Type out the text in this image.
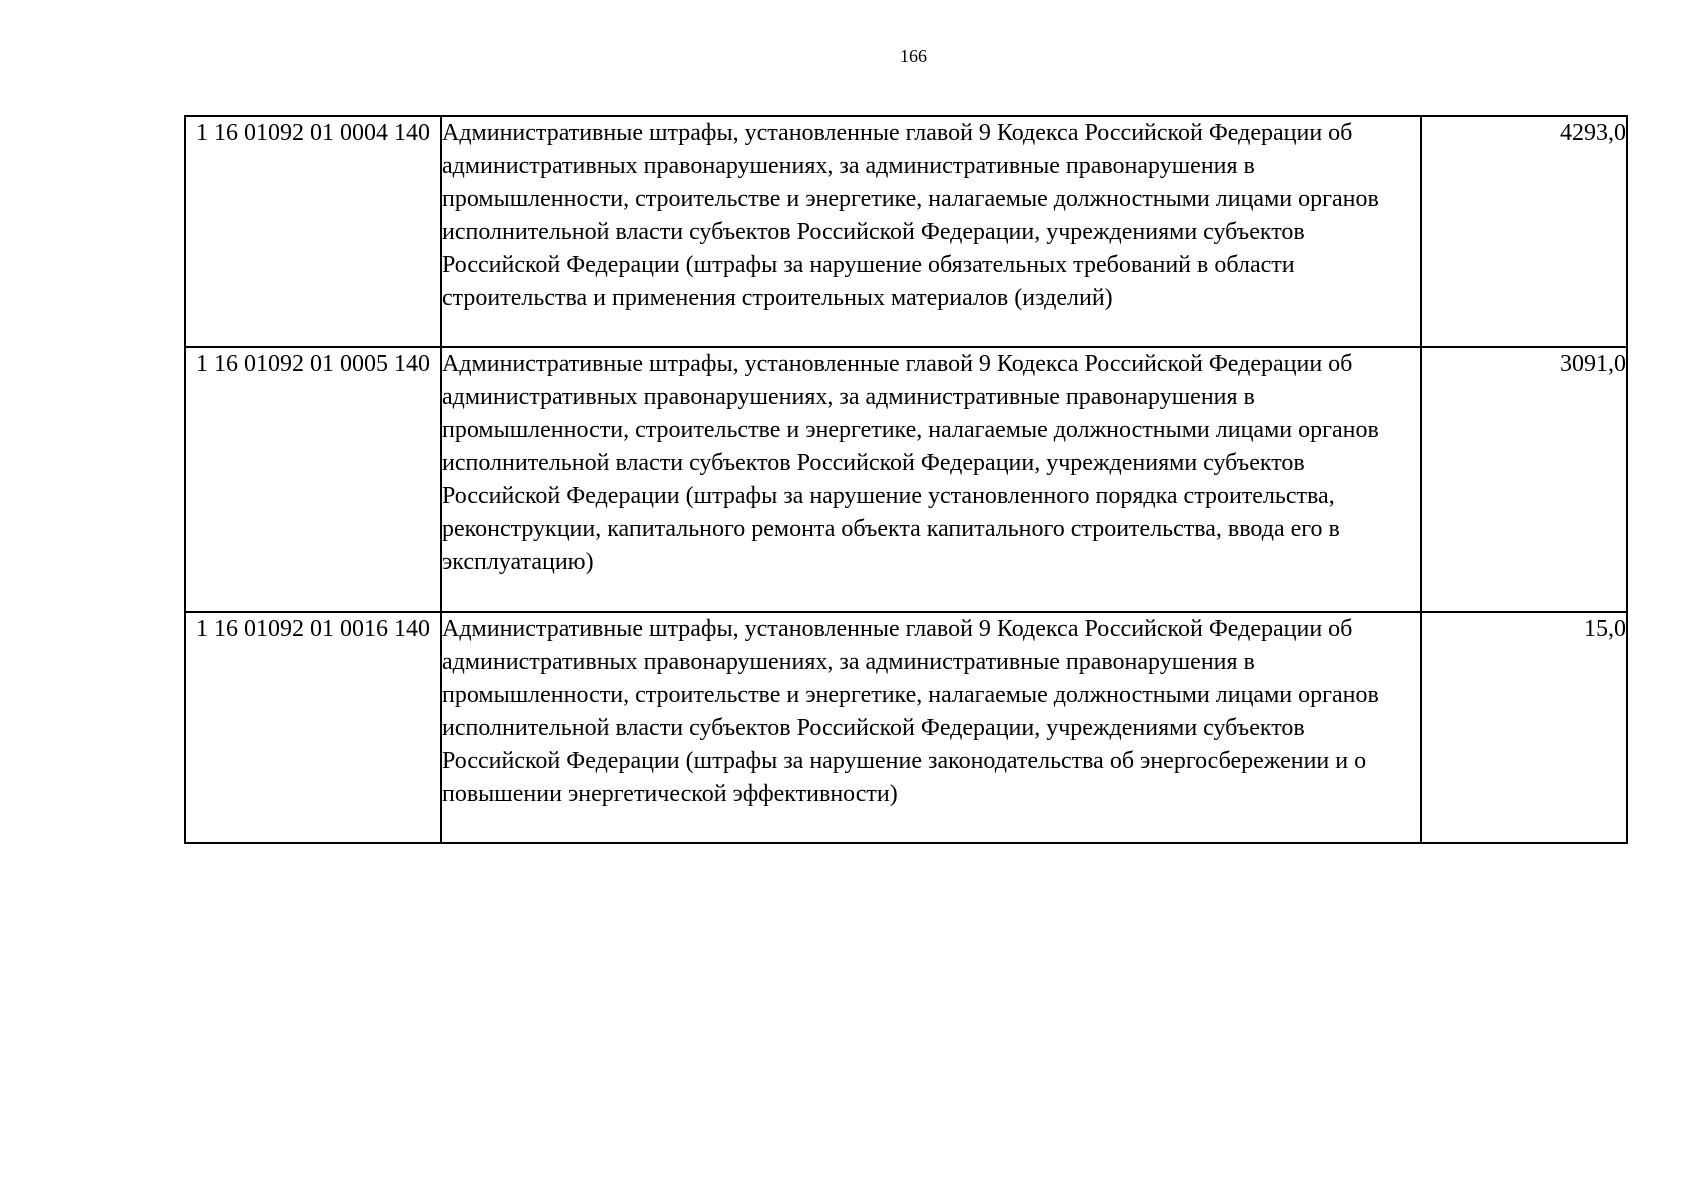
166
1 16 01092 01 0004 140	Административные штрафы, установленные главой 9 Кодекса Российской Федерации об административных правонарушениях, за административные правонарушения в промышленности, строительстве и энергетике, налагаемые должностными лицами органов исполнительной власти субъектов Российской Федерации, учреждениями субъектов Российской Федерации (штрафы за нарушение обязательных требований в области строительства и применения строительных материалов (изделий)	4293,0
1 16 01092 01 0005 140	Административные штрафы, установленные главой 9 Кодекса Российской Федерации об административных правонарушениях, за административные правонарушения в промышленности, строительстве и энергетике, налагаемые должностными лицами органов исполнительной власти субъектов Российской Федерации, учреждениями субъектов Российской Федерации (штрафы за нарушение установленного порядка строительства, реконструкции, капитального ремонта объекта капитального строительства, ввода его в эксплуатацию)	3091,0
1 16 01092 01 0016 140	Административные штрафы, установленные главой 9 Кодекса Российской Федерации об административных правонарушениях, за административные правонарушения в промышленности, строительстве и энергетике, налагаемые должностными лицами органов исполнительной власти субъектов Российской Федерации, учреждениями субъектов Российской Федерации (штрафы за нарушение законодательства об энергосбережении и о повышении энергетической эффективности)	15,0
